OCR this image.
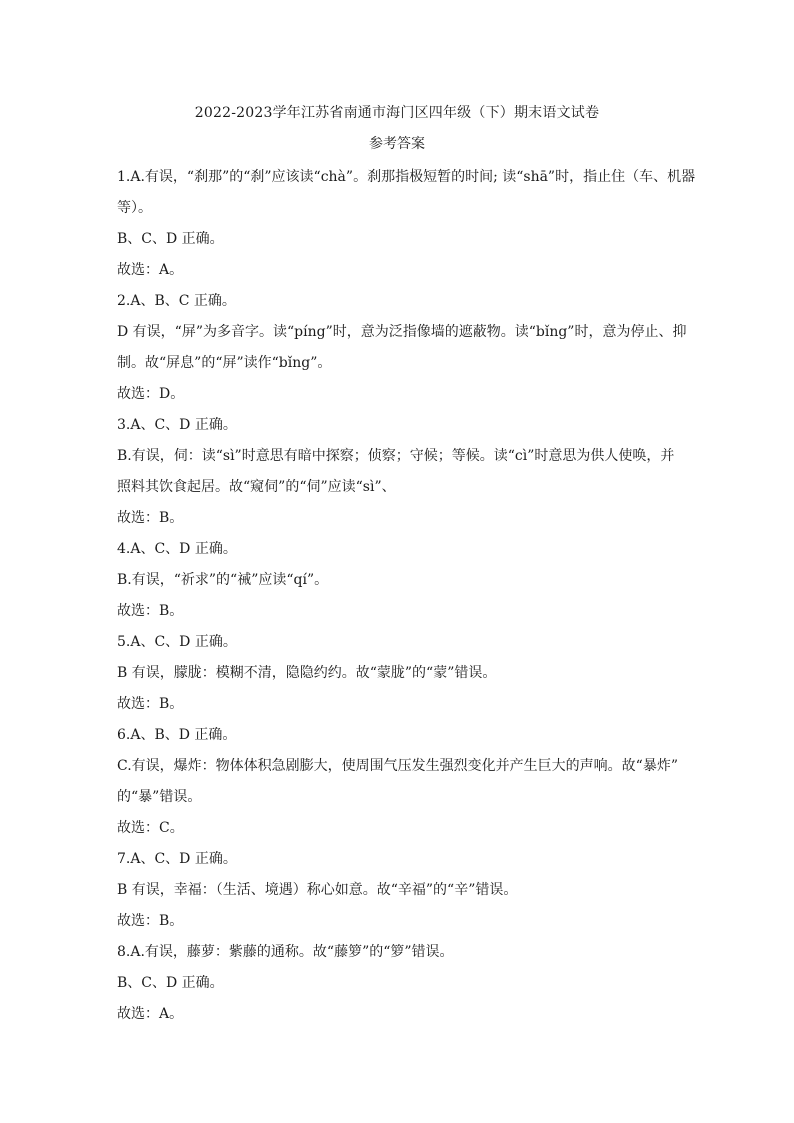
2022-2023学年江苏省南通市海门区四年级（下）期末语文试卷
参考答案
1.A.有误，“刹那”的“刹”应该读“chà”。刹那指极短暂的时间; 读“shā”时，指止住（车、机器
等）。
B、C、D 正确。
故选：A。
2.A、B、C 正确。
D 有误，“屏”为多音字。读“píng”时，意为泛指像墙的遮蔽物。读“bǐng”时，意为停止、抑
制。故“屏息”的“屏”读作“bǐng”。
故选：D。
3.A、C、D 正确。
B.有误，伺：读“sì”时意思有暗中探察；侦察；守候；等候。读“cì”时意思为供人使唤，并
照料其饮食起居。故“窥伺”的“伺”应读“sì”、
故选：B。
4.A、C、D 正确。
B.有误，“祈求”的“祴”应读“qí”。
故选：B。
5.A、C、D 正确。
B 有误，朦胧：模糊不清，隐隐约约。故“蒙胧”的“蒙”错误。
故选：B。
6.A、B、D 正确。
C.有误，爆炸：物体体积急剧膨大，使周围气压发生强烈变化并产生巨大的声响。故“暴炸”
的“暴”错误。
故选：C。
7.A、C、D 正确。
B 有误，幸福：（生活、境遇）称心如意。故“辛福”的“辛”错误。
故选：B。
8.A.有误，藤萝：紫藤的通称。故“藤箩”的“箩”错误。
B、C、D 正确。
故选：A。
